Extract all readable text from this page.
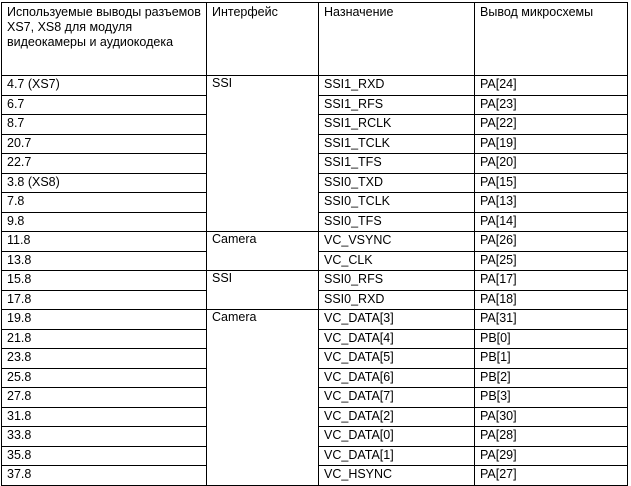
Используемые выводы разъемов XS7, XS8 для модуля видеокамеры и аудиокодека	Интерфейс	Назначение	Вывод микросхемы
4.7 (XS7)	SSI	SSI1_RXD	PA[24]
6.7		SSI1_RFS	PA[23]
8.7		SSI1_RCLK	PA[22]
20.7		SSI1_TCLK	PA[19]
22.7		SSI1_TFS	PA[20]
3.8 (XS8)		SSI0_TXD	PA[15]
7.8		SSI0_TCLK	PA[13]
9.8		SSI0_TFS	PA[14]
11.8	Camera	VC_VSYNC	PA[26]
13.8		VC_CLK	PA[25]
15.8	SSI	SSI0_RFS	PA[17]
17.8		SSI0_RXD	PA[18]
19.8	Camera	VC_DATA[3]	PA[31]
21.8		VC_DATA[4]	PB[0]
23.8		VC_DATA[5]	PB[1]
25.8		VC_DATA[6]	PB[2]
27.8		VC_DATA[7]	PB[3]
31.8		VC_DATA[2]	PA[30]
33.8		VC_DATA[0]	PA[28]
35.8		VC_DATA[1]	PA[29]
37.8		VC_HSYNC	PA[27]
